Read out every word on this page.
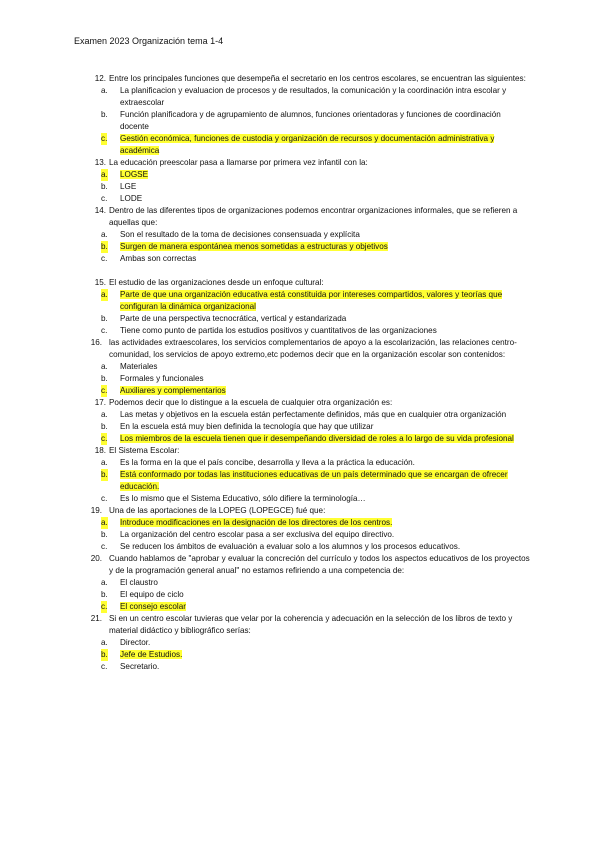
Examen 2023 Organización tema 1-4
12. Entre los principales funciones que desempeña el secretario en los centros escolares, se encuentran las siguientes:
a. La planificacion y evaluacion de procesos y de resultados, la comunicación y la coordinación intra escolar y extraescolar
b. Función planificadora y de agrupamiento de alumnos, funciones orientadoras y funciones de coordinación docente
c. Gestión económica, funciones de custodia y organización de recursos y documentación administrativa y académica
13. La educación preescolar pasa a llamarse por primera vez infantil con la:
a. LOGSE
b. LGE
c. LODE
14. Dentro de las diferentes tipos de organizaciones podemos encontrar organizaciones informales, que se refieren a aquellas que:
a. Son el resultado de la toma de decisiones consensuada y explícita
b. Surgen de manera espontánea menos sometidas a estructuras y objetivos
c. Ambas son correctas
15. El estudio de las organizaciones desde un enfoque cultural:
a. Parte de que una organización educativa está constituida por intereses compartidos, valores y teorías que configuran la dinámica organizacional
b. Parte de una perspectiva tecnocrática, vertical y estandarizada
c. Tiene como punto de partida los estudios positivos y cuantitativos de las organizaciones
16. las actividades extraescolares, los servicios complementarios de apoyo a la escolarización, las relaciones centro-comunidad, los servicios de apoyo extremo,etc podemos decir que en la organización escolar son contenidos:
a. Materiales
b. Formales y funcionales
c. Auxiliares y complementarios
17. Podemos decir que lo distingue a la escuela de cualquier otra organización es:
a. Las metas y objetivos en la escuela están perfectamente definidos, más que en cualquier otra organización
b. En la escuela está muy bien definida la tecnología que hay que utilizar
c. Los miembros de la escuela tienen que ir desempeñando diversidad de roles a lo largo de su vida profesional
18. El Sistema Escolar:
a. Es la forma en la que el país concibe, desarrolla y lleva a la práctica la educación.
b. Está conformado por todas las instituciones educativas de un país determinado que se encargan de ofrecer educación.
c. Es lo mismo que el Sistema Educativo, sólo difiere la terminología…
19. Una de las aportaciones de la LOPEG (LOPEGCE) fué que:
a. Introduce modificaciones en la designación de los directores de los centros.
b. La organización del centro escolar pasa a ser exclusiva del equipo directivo.
c. Se reducen los ámbitos de evaluación a evaluar solo a los alumnos y los procesos educativos.
20. Cuando hablamos de "aprobar y evaluar la concreción del currículo y todos los aspectos educativos de los proyectos y de la programación general anual" no estamos refiriendo a una competencia de:
a. El claustro
b. El equipo de ciclo
c. El consejo escolar
21. Si en un centro escolar tuvieras que velar por la coherencia y adecuación en la selección de los libros de texto y material didáctico y bibliográfico serías:
a. Director.
b. Jefe de Estudios.
c. Secretario.
